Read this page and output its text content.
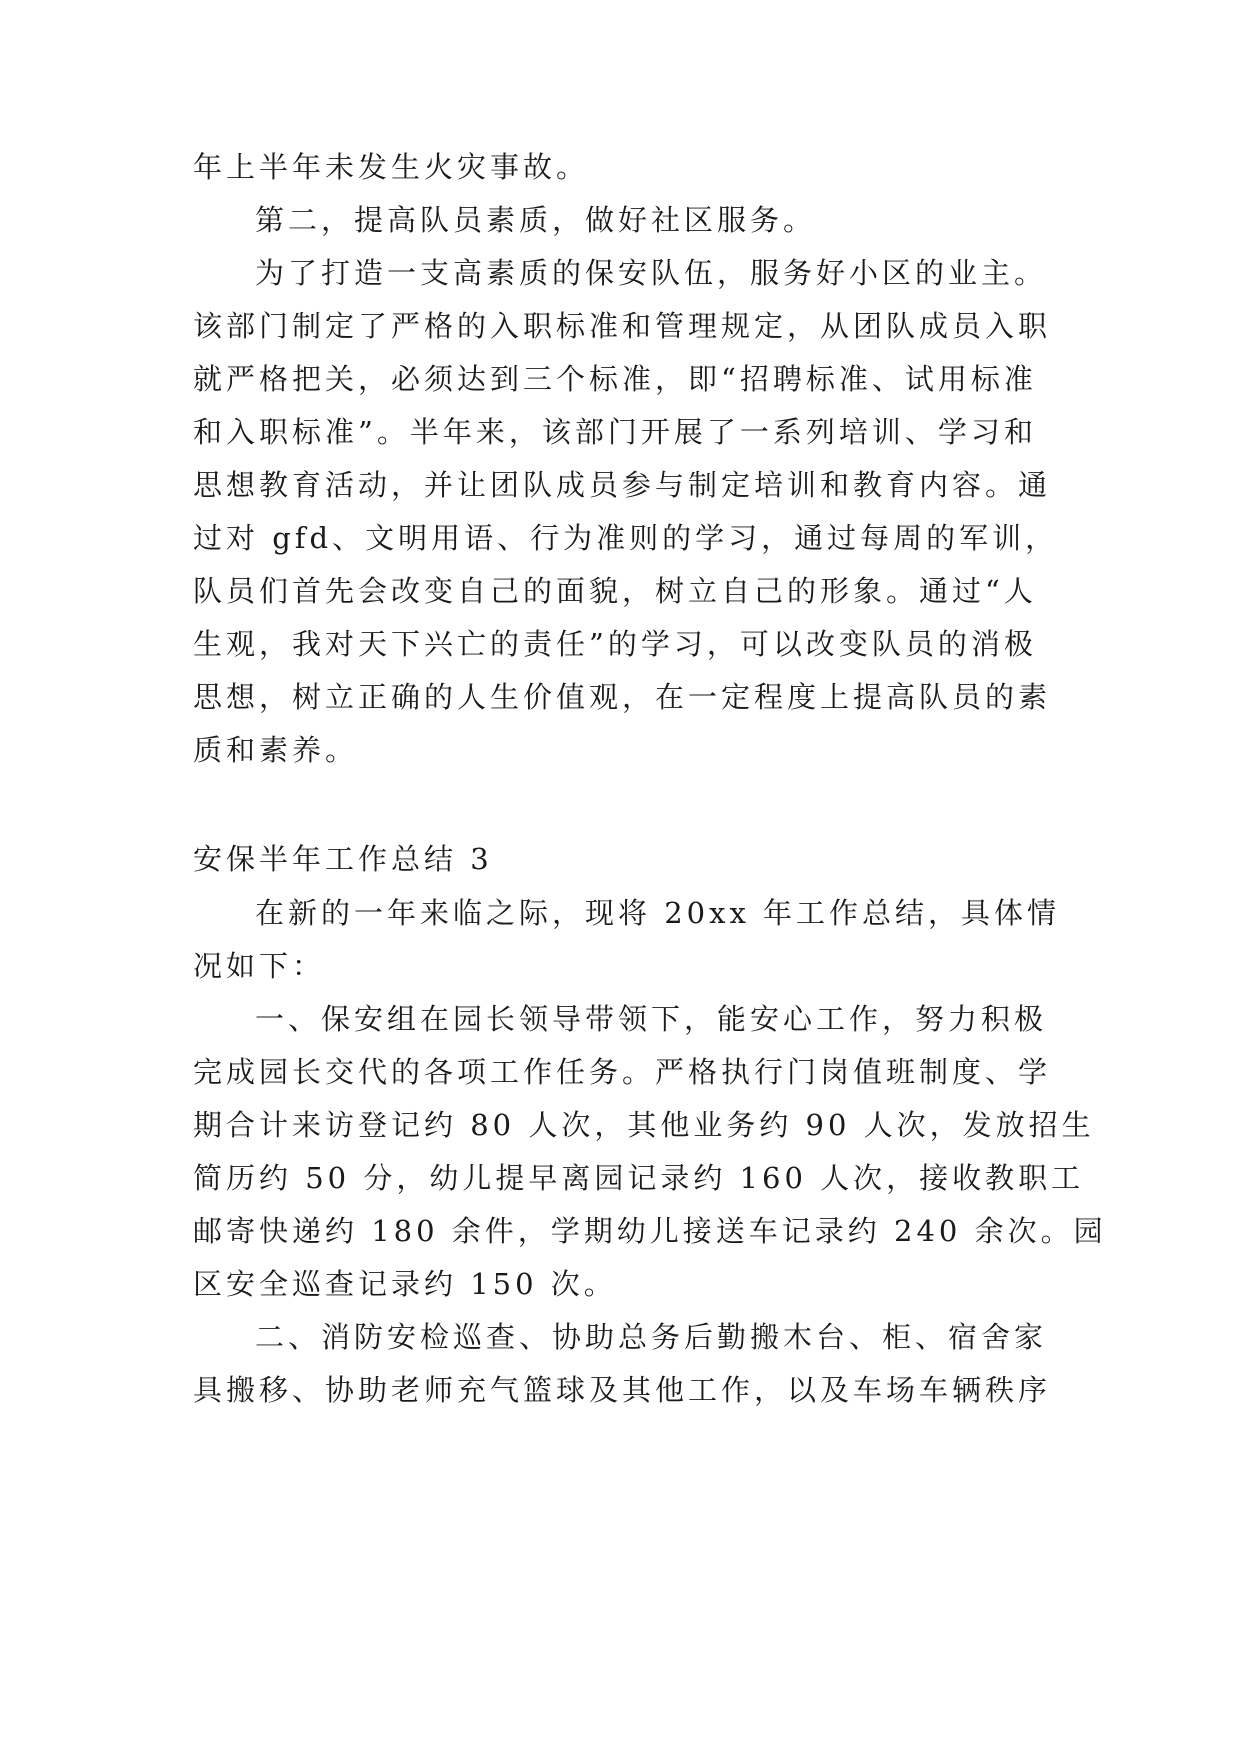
年上半年未发生火灾事故。
第二，提高队员素质，做好社区服务。
为了打造一支高素质的保安队伍，服务好小区的业主。
该部门制定了严格的入职标准和管理规定，从团队成员入职
就严格把关，必须达到三个标准，即“招聘标准、试用标准
和入职标准”。半年来，该部门开展了一系列培训、学习和
思想教育活动，并让团队成员参与制定培训和教育内容。通
过对 gfd、文明用语、行为准则的学习，通过每周的军训，
队员们首先会改变自己的面貌，树立自己的形象。通过“人
生观，我对天下兴亡的责任”的学习，可以改变队员的消极
思想，树立正确的人生价值观，在一定程度上提高队员的素
质和素养。
安保半年工作总结 3
在新的一年来临之际，现将 20xx 年工作总结，具体情
况如下：
一、保安组在园长领导带领下，能安心工作，努力积极
完成园长交代的各项工作任务。严格执行门岗值班制度、学
期合计来访登记约 80 人次，其他业务约 90 人次，发放招生
简历约 50 分，幼儿提早离园记录约 160 人次，接收教职工
邮寄快递约 180 余件，学期幼儿接送车记录约 240 余次。园
区安全巡查记录约 150 次。
二、消防安检巡查、协助总务后勤搬木台、柜、宿舍家
具搬移、协助老师充气篮球及其他工作，以及车场车辆秩序
